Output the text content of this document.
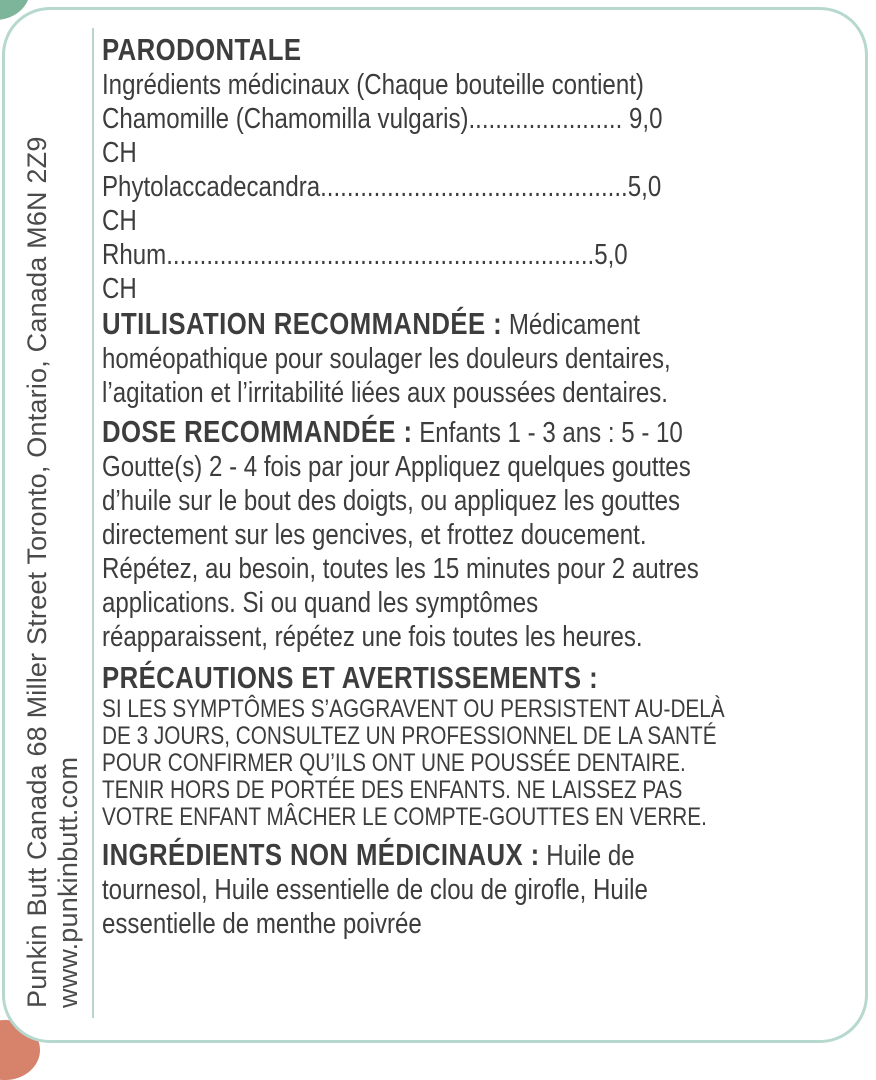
Punkin Butt Canada 68 Miller Street Toronto, Ontario, Canada M6N 2Z9 www.punkinbutt.com

PARODONTALE

Ingrédients médicinaux (Chaque bouteille contient)

Chamomille (Chamomilla vulgaris)....................... 9,0

CH

Phytolaccadecandra..............................................5,0

CH

Rhum................................................................5,0

CH

UTILISATION RECOMMANDÉE : Médicament

homéopathique pour soulager les douleurs dentaires,

l’agitation et l’irritabilité liées aux poussées dentaires.

DOSE RECOMMANDÉE : Enfants 1 - 3 ans : 5 - 10

Goutte(s) 2 - 4 fois par jour Appliquez quelques gouttes

d’huile sur le bout des doigts, ou appliquez les gouttes

directement sur les gencives, et frottez doucement.

Répétez, au besoin, toutes les 15 minutes pour 2 autres

applications. Si ou quand les symptômes

réapparaissent, répétez une fois toutes les heures.

PRÉCAUTIONS ET AVERTISSEMENTS :

SI LES SYMPTÔMES S’AGGRAVENT OU PERSISTENT AU-DELÀ

DE 3 JOURS, CONSULTEZ UN PROFESSIONNEL DE LA SANTÉ

POUR CONFIRMER QU’ILS ONT UNE POUSSÉE DENTAIRE.

TENIR HORS DE PORTÉE DES ENFANTS. NE LAISSEZ PAS

VOTRE ENFANT MÂCHER LE COMPTE-GOUTTES EN VERRE.

INGRÉDIENTS NON MÉDICINAUX : Huile de

tournesol, Huile essentielle de clou de girofle, Huile

essentielle de menthe poivrée
